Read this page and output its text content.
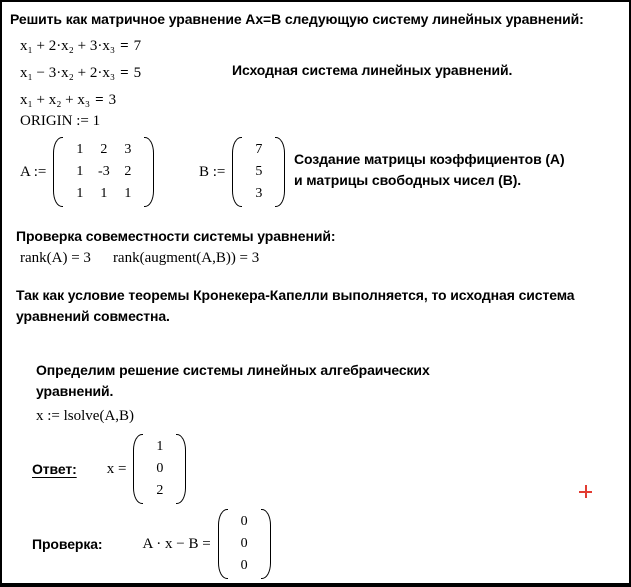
Решить как матричное уравнение Ax=B следующую систему линейных уравнений:
x₁ + 2·x₂ + 3·x₃ = 7
x₁ − 3·x₂ + 2·x₃ = 5	Исходная система линейных уравнений.
x₁ + x₂ + x₃ = 3
ORIGIN := 1
A :=
1 2 3
1 -3 2
1 1 1
B :=
7
5
3
Создание матрицы коэффициентов (A)
и матрицы свободных чисел (B).
Проверка совеместности системы уравнений:
rank(A) = 3 rank(augment(A,B)) = 3
Так как условие теоремы Кронекера-Капелли выполняется, то исходная система уравнений совместна.
Определим решение системы линейных алгебраических уравнений.
x := lsolve(A,B)
Ответ: x =
1
0
2
Проверка:	A · x − B =
0
0
0
